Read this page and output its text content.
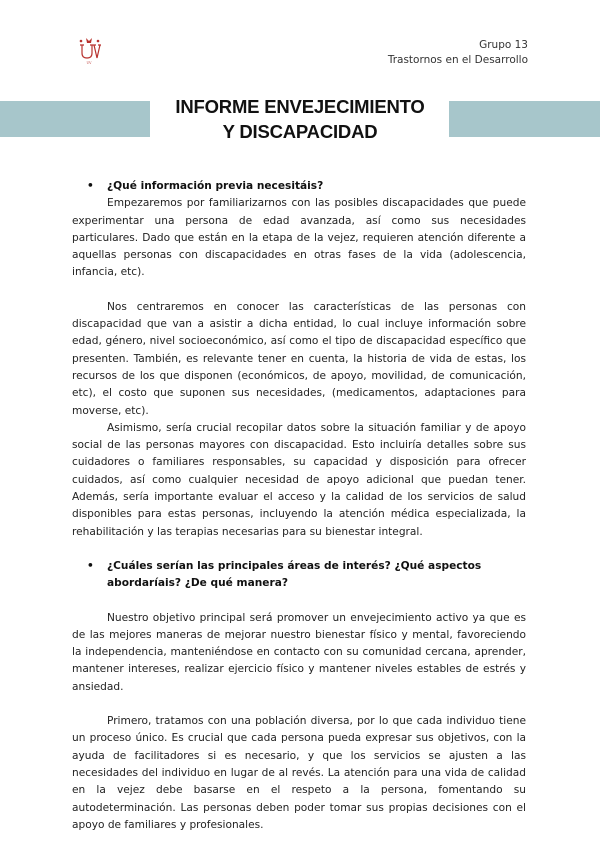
UV
Grupo 13
Trastornos en el Desarrollo
INFORME ENVEJECIMIENTO
Y DISCAPACIDAD
• ¿Qué información previa necesitáis?

Empezaremos por familiarizarnos con las posibles discapacidades que puede experimentar una persona de edad avanzada, así como sus necesidades particulares. Dado que están en la etapa de la vejez, requieren atención diferente a aquellas personas con discapacidades en otras fases de la vida (adolescencia, infancia, etc).

Nos centraremos en conocer las características de las personas con discapacidad que van a asistir a dicha entidad, lo cual incluye información sobre edad, género, nivel socioeconómico, así como el tipo de discapacidad específico que presenten. También, es relevante tener en cuenta, la historia de vida de estas, los recursos de los que disponen (económicos, de apoyo, movilidad, de comunicación, etc), el costo que suponen sus necesidades, (medicamentos, adaptaciones para moverse, etc).

Asimismo, sería crucial recopilar datos sobre la situación familiar y de apoyo social de las personas mayores con discapacidad. Esto incluiría detalles sobre sus cuidadores o familiares responsables, su capacidad y disposición para ofrecer cuidados, así como cualquier necesidad de apoyo adicional que puedan tener. Además, sería importante evaluar el acceso y la calidad de los servicios de salud disponibles para estas personas, incluyendo la atención médica especializada, la rehabilitación y las terapias necesarias para su bienestar integral.

• ¿Cuáles serían las principales áreas de interés? ¿Qué aspectos abordaríais? ¿De qué manera?

Nuestro objetivo principal será promover un envejecimiento activo ya que es de las mejores maneras de mejorar nuestro bienestar físico y mental, favoreciendo la independencia, manteniéndose en contacto con su comunidad cercana, aprender, mantener intereses, realizar ejercicio físico y mantener niveles estables de estrés y ansiedad.

Primero, tratamos con una población diversa, por lo que cada individuo tiene un proceso único. Es crucial que cada persona pueda expresar sus objetivos, con la ayuda de facilitadores si es necesario, y que los servicios se ajusten a las necesidades del individuo en lugar de al revés. La atención para una vida de calidad en la vejez debe basarse en el respeto a la persona, fomentando su autodeterminación. Las personas deben poder tomar sus propias decisiones con el apoyo de familiares y profesionales.
